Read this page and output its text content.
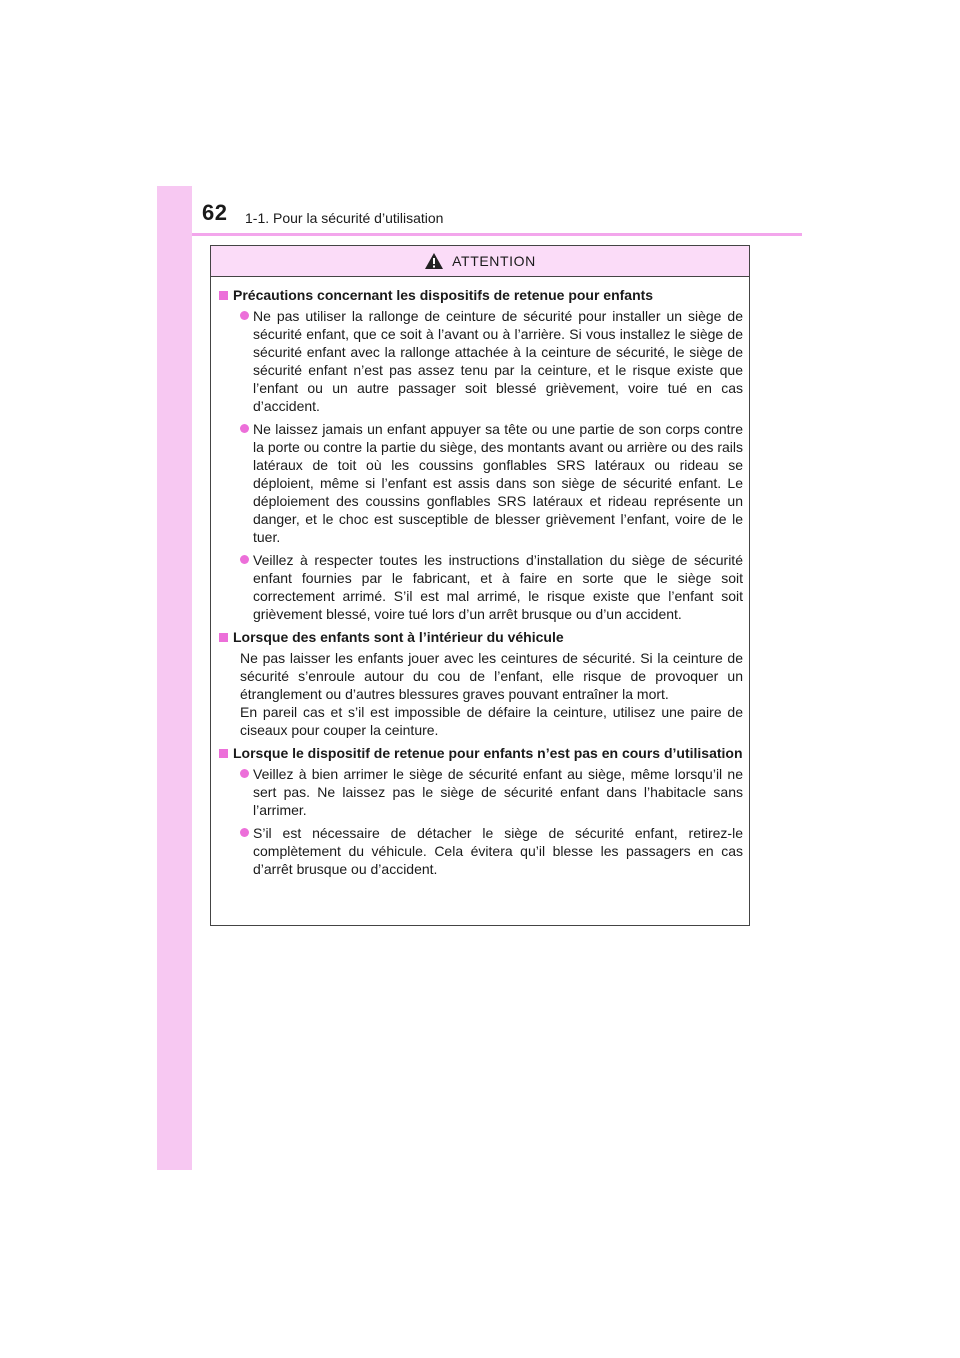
62 1-1. Pour la sécurité d’utilisation
ATTENTION
Précautions concernant les dispositifs de retenue pour enfants
Ne pas utiliser la rallonge de ceinture de sécurité pour installer un siège de sécurité enfant, que ce soit à l’avant ou à l’arrière. Si vous installez le siège de sécurité enfant avec la rallonge attachée à la ceinture de sécurité, le siège de sécurité enfant n’est pas assez tenu par la ceinture, et le risque existe que l’enfant ou un autre passager soit blessé grièvement, voire tué en cas d’accident.
Ne laissez jamais un enfant appuyer sa tête ou une partie de son corps contre la porte ou contre la partie du siège, des montants avant ou arrière ou des rails latéraux de toit où les coussins gonflables SRS latéraux ou rideau se déploient, même si l’enfant est assis dans son siège de sécurité enfant. Le déploiement des coussins gonflables SRS latéraux et rideau représente un danger, et le choc est susceptible de blesser grièvement l’enfant, voire de le tuer.
Veillez à respecter toutes les instructions d’installation du siège de sécurité enfant fournies par le fabricant, et à faire en sorte que le siège soit correctement arrimé. S’il est mal arrimé, le risque existe que l’enfant soit grièvement blessé, voire tué lors d’un arrêt brusque ou d’un accident.
Lorsque des enfants sont à l’intérieur du véhicule
Ne pas laisser les enfants jouer avec les ceintures de sécurité. Si la ceinture de sécurité s’enroule autour du cou de l’enfant, elle risque de provoquer un étranglement ou d’autres blessures graves pouvant entraîner la mort.
En pareil cas et s’il est impossible de défaire la ceinture, utilisez une paire de ciseaux pour couper la ceinture.
Lorsque le dispositif de retenue pour enfants n’est pas en cours d’utilisation
Veillez à bien arrimer le siège de sécurité enfant au siège, même lorsqu’il ne sert pas. Ne laissez pas le siège de sécurité enfant dans l’habitacle sans l’arrimer.
S’il est nécessaire de détacher le siège de sécurité enfant, retirez-le complètement du véhicule. Cela évitera qu’il blesse les passagers en cas d’arrêt brusque ou d’accident.
